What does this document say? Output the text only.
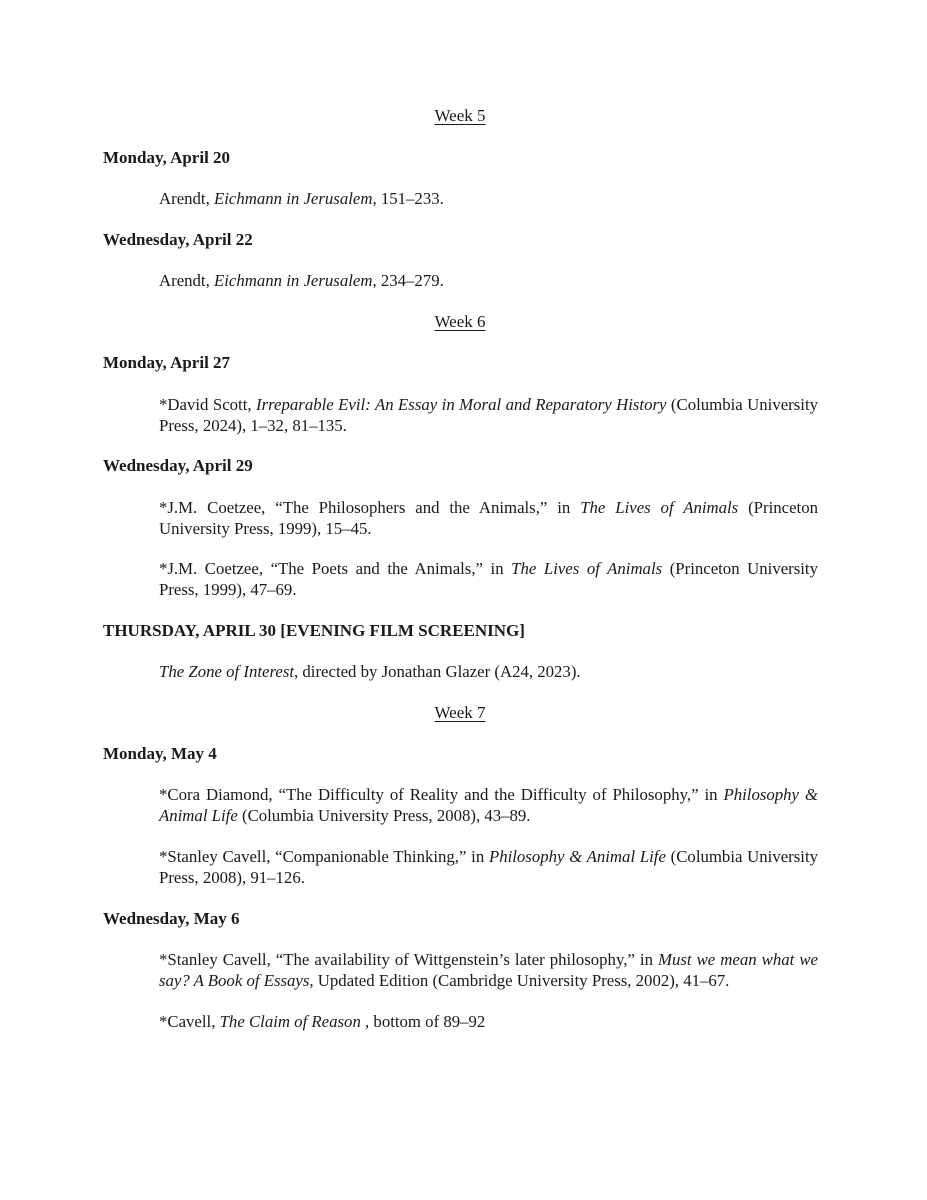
Week 5
Monday, April 20
Arendt, Eichmann in Jerusalem, 151–233.
Wednesday, April 22
Arendt, Eichmann in Jerusalem, 234–279.
Week 6
Monday, April 27
*David Scott, Irreparable Evil: An Essay in Moral and Reparatory History (Columbia University Press, 2024), 1–32, 81–135.
Wednesday, April 29
*J.M. Coetzee, “The Philosophers and the Animals,” in The Lives of Animals (Princeton University Press, 1999), 15–45.
*J.M. Coetzee, “The Poets and the Animals,” in The Lives of Animals (Princeton University Press, 1999), 47–69.
THURSDAY, APRIL 30 [EVENING FILM SCREENING]
The Zone of Interest, directed by Jonathan Glazer (A24, 2023).
Week 7
Monday, May 4
*Cora Diamond, “The Difficulty of Reality and the Difficulty of Philosophy,” in Philosophy & Animal Life (Columbia University Press, 2008), 43–89.
*Stanley Cavell, “Companionable Thinking,” in Philosophy & Animal Life (Columbia University Press, 2008), 91–126.
Wednesday, May 6
*Stanley Cavell, “The availability of Wittgenstein’s later philosophy,” in Must we mean what we say? A Book of Essays, Updated Edition (Cambridge University Press, 2002), 41–67.
*Cavell, The Claim of Reason , bottom of 89–92
